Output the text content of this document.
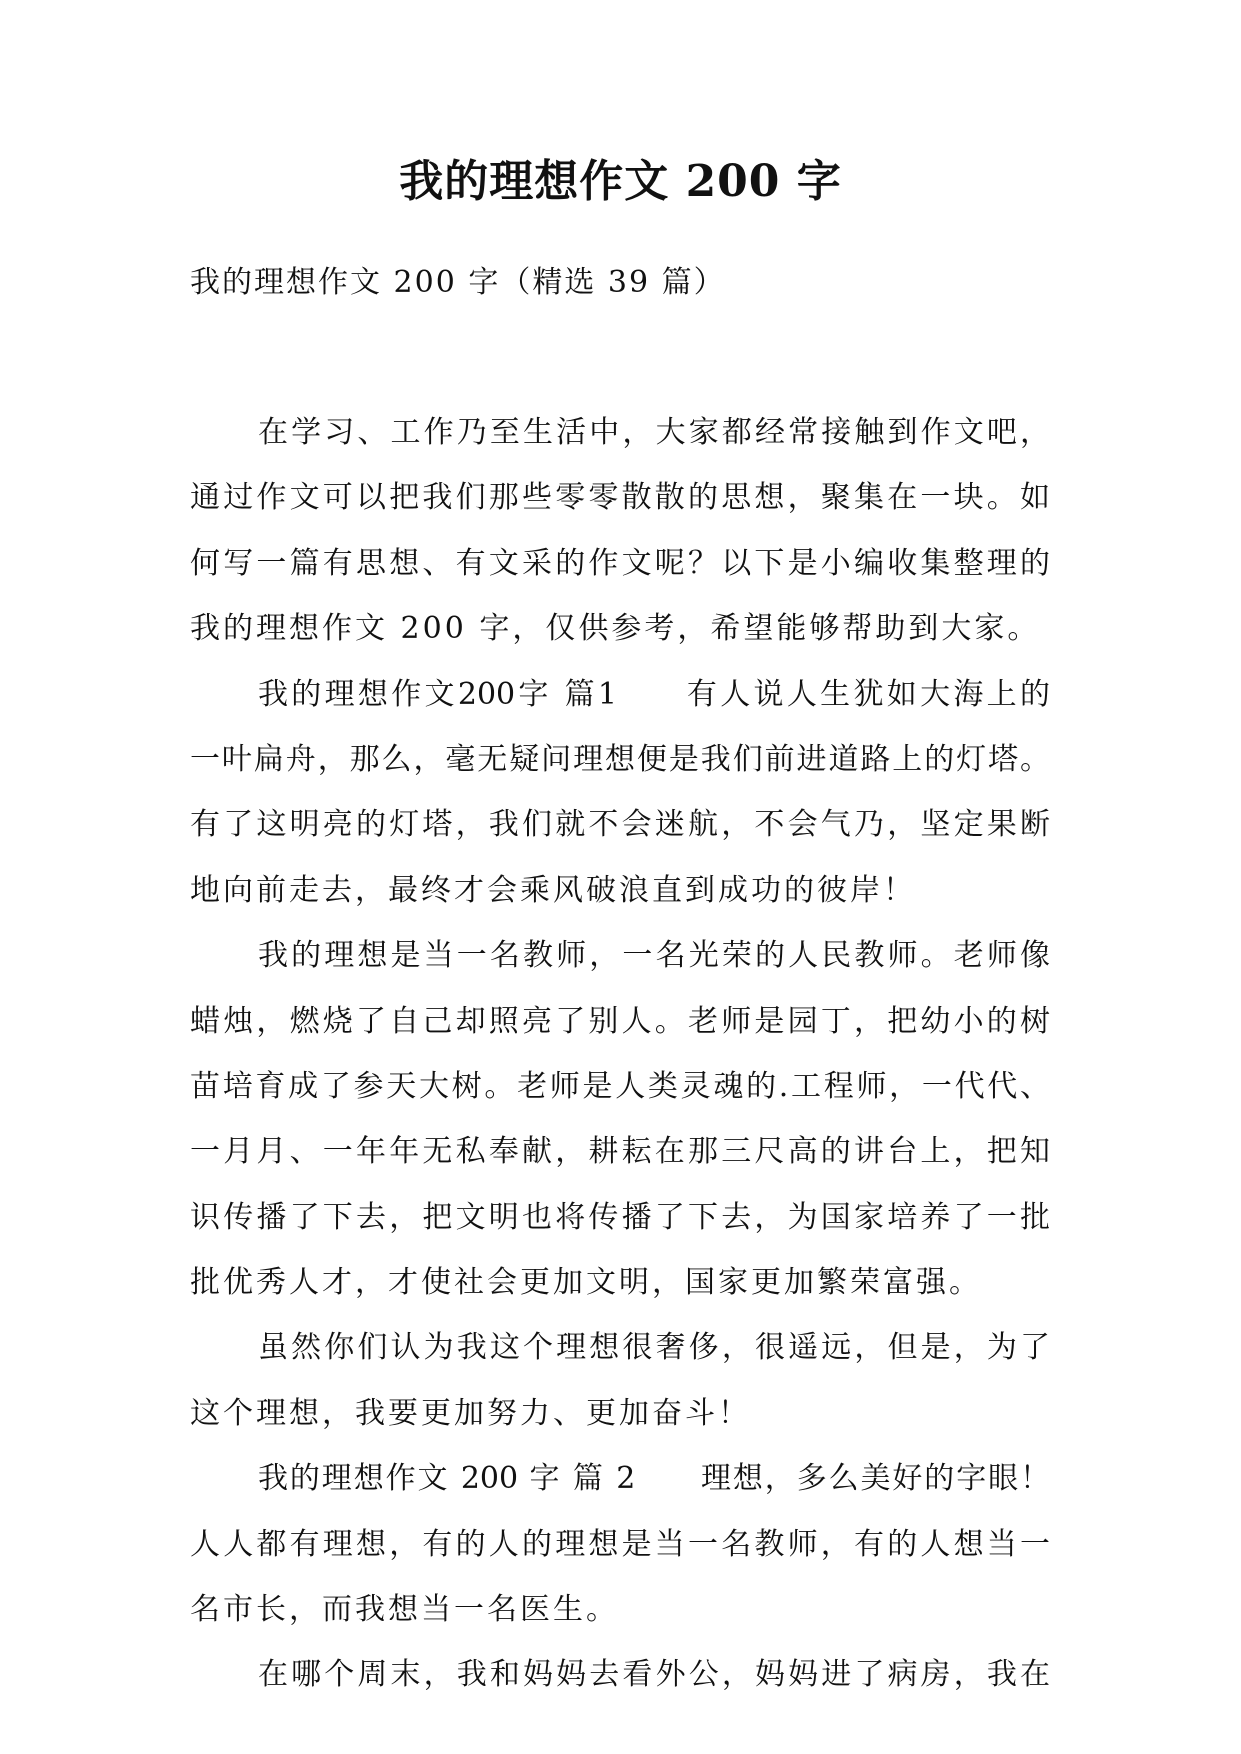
我的理想作文 200 字

我的理想作文 200 字（精选 39 篇）

在学习、工作乃至生活中，大家都经常接触到作文吧，

通过作文可以把我们那些零零散散的思想，聚集在一块。如

何写一篇有思想、有文采的作文呢？以下是小编收集整理的

我的理想作文 200 字，仅供参考，希望能够帮助到大家。

我的理想作文200字 篇1　　有人说人生犹如大海上的

一叶扁舟，那么，毫无疑问理想便是我们前进道路上的灯塔。

有了这明亮的灯塔，我们就不会迷航，不会气乃，坚定果断

地向前走去，最终才会乘风破浪直到成功的彼岸！

我的理想是当一名教师，一名光荣的人民教师。老师像

蜡烛，燃烧了自己却照亮了别人。老师是园丁，把幼小的树

苗培育成了参天大树。老师是人类灵魂的.工程师，一代代、

一月月、一年年无私奉献，耕耘在那三尺高的讲台上，把知

识传播了下去，把文明也将传播了下去，为国家培养了一批

批优秀人才，才使社会更加文明，国家更加繁荣富强。

虽然你们认为我这个理想很奢侈，很遥远，但是，为了

这个理想，我要更加努力、更加奋斗！

我的理想作文 200 字 篇 2　　理想，多么美好的字眼！

人人都有理想，有的人的理想是当一名教师，有的人想当一

名市长，而我想当一名医生。

在哪个周末，我和妈妈去看外公，妈妈进了病房，我在
